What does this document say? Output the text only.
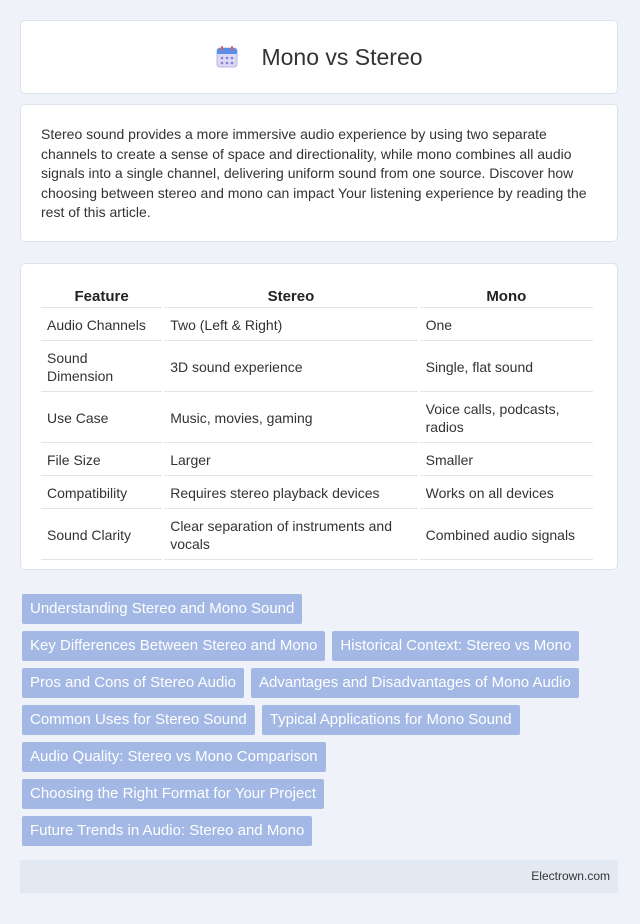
Mono vs Stereo

Stereo sound provides a more immersive audio experience by using two separate channels to create a sense of space and directionality, while mono combines all audio signals into a single channel, delivering uniform sound from one source. Discover how choosing between stereo and mono can impact Your listening experience by reading the rest of this article.

Feature	Stereo	Mono
Audio Channels	Two (Left & Right)	One
Sound Dimension	3D sound experience	Single, flat sound
Use Case	Music, movies, gaming	Voice calls, podcasts, radios
File Size	Larger	Smaller
Compatibility	Requires stereo playback devices	Works on all devices
Sound Clarity	Clear separation of instruments and vocals	Combined audio signals
Understanding Stereo and Mono Sound
Key Differences Between Stereo and Mono	Historical Context: Stereo vs Mono
Pros and Cons of Stereo Audio	Advantages and Disadvantages of Mono Audio
Common Uses for Stereo Sound	Typical Applications for Mono Sound
Audio Quality: Stereo vs Mono Comparison
Choosing the Right Format for Your Project
Future Trends in Audio: Stereo and Mono
Electrown.com
